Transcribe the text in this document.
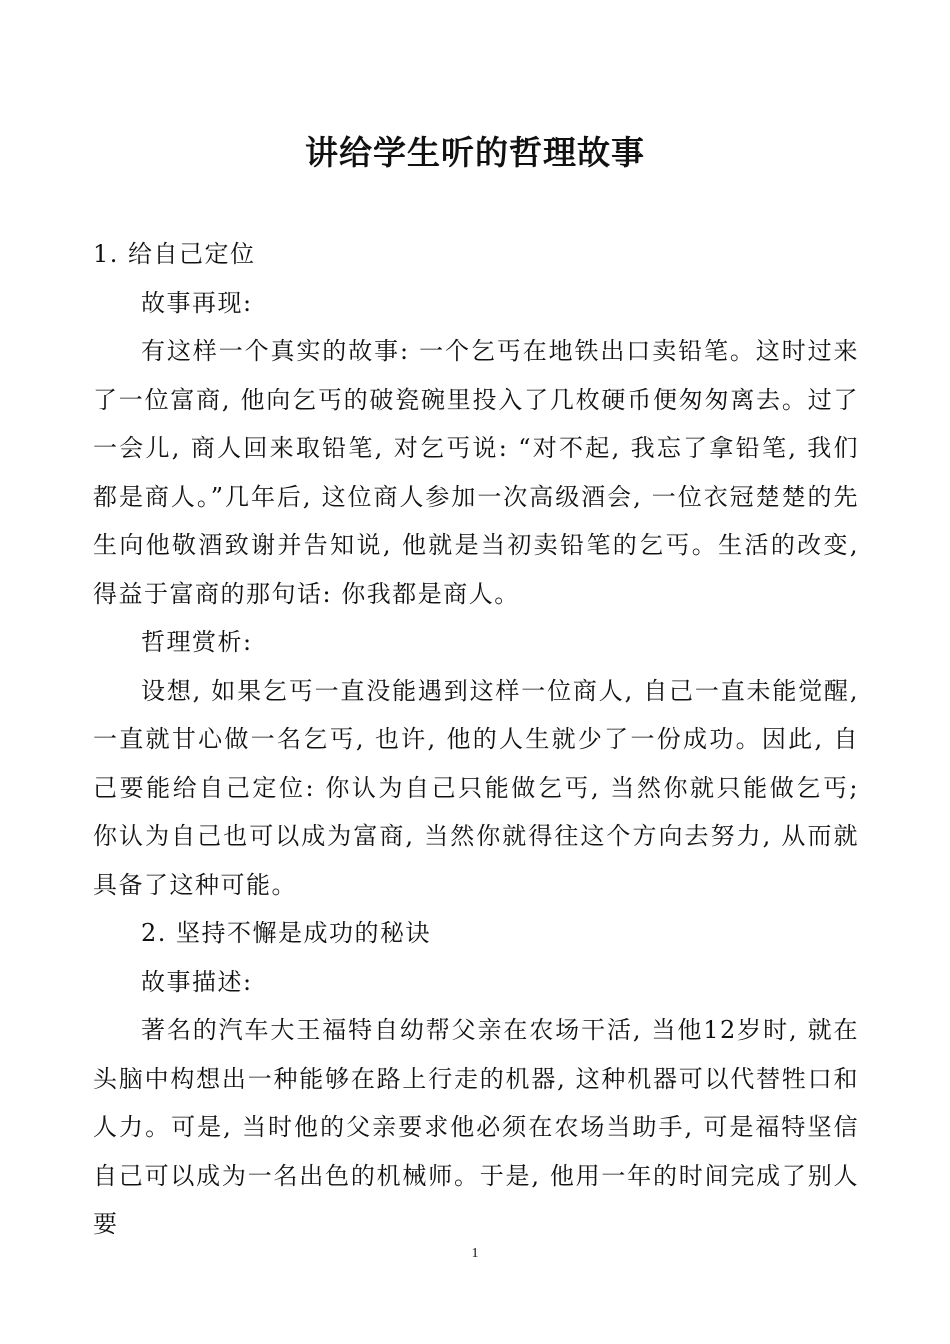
讲给学生听的哲理故事

1. 给自己定位

故事再现:

有这样一个真实的故事: 一个乞丐在地铁出口卖铅笔。这时过来了一位富商, 他向乞丐的破瓷碗里投入了几枚硬币便匆匆离去。过了一会儿, 商人回来取铅笔, 对乞丐说: “对不起, 我忘了拿铅笔, 我们都是商人。”几年后, 这位商人参加一次高级酒会, 一位衣冠楚楚的先生向他敬酒致谢并告知说, 他就是当初卖铅笔的乞丐。生活的改变, 得益于富商的那句话: 你我都是商人。

哲理赏析:

设想, 如果乞丐一直没能遇到这样一位商人, 自己一直未能觉醒, 一直就甘心做一名乞丐, 也许, 他的人生就少了一份成功。因此, 自己要能给自己定位: 你认为自己只能做乞丐, 当然你就只能做乞丐; 你认为自己也可以成为富商, 当然你就得往这个方向去努力, 从而就具备了这种可能。

2. 坚持不懈是成功的秘诀

故事描述:

著名的汽车大王福特自幼帮父亲在农场干活, 当他12岁时, 就在头脑中构想出一种能够在路上行走的机器, 这种机器可以代替牲口和人力。可是, 当时他的父亲要求他必须在农场当助手, 可是福特坚信自己可以成为一名出色的机械师。于是, 他用一年的时间完成了别人要

1
